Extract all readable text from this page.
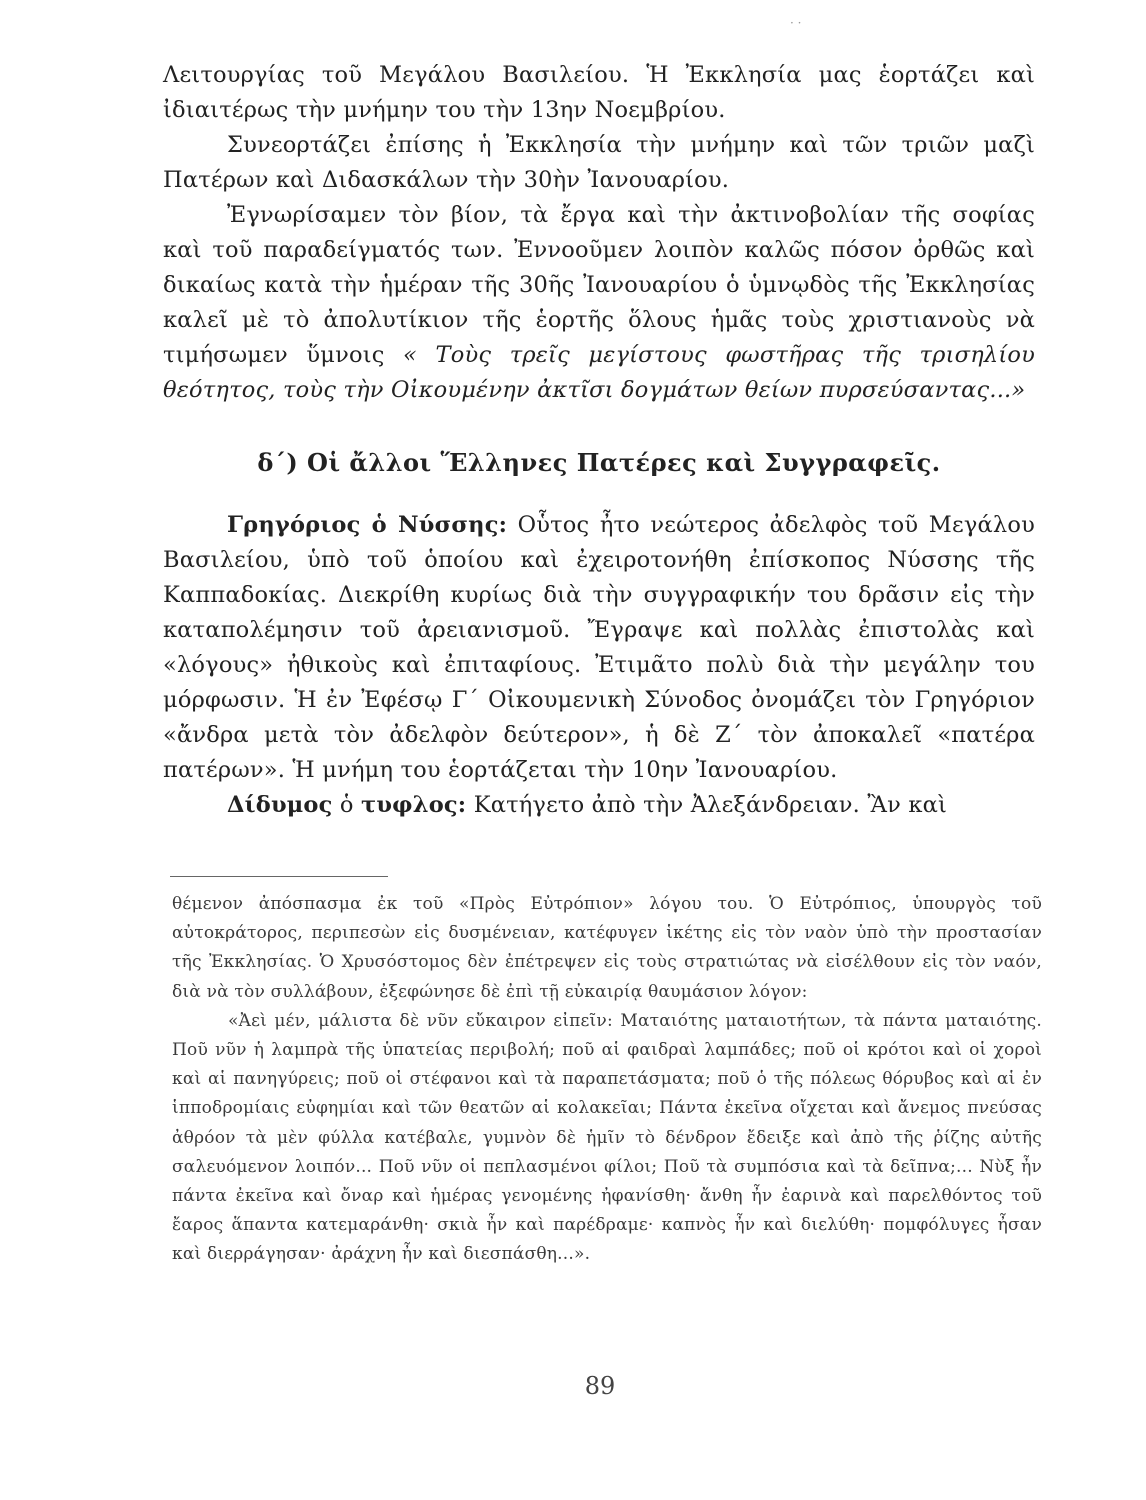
· ·

Λειτουργίας τοῦ Μεγάλου Βασιλείου. Ἡ Ἐκκλησία μας ἑορτάζει καὶ ἰδιαιτέρως τὴν μνήμην του τὴν 13ην Νοεμβρίου.

Συνεορτάζει ἐπίσης ἡ Ἐκκλησία τὴν μνήμην καὶ τῶν τριῶν μαζὶ Πατέρων καὶ Διδασκάλων τὴν 30ὴν Ἰανουαρίου.

Ἐγνωρίσαμεν τὸν βίον, τὰ ἔργα καὶ τὴν ἀκτινοβολίαν τῆς σοφίας καὶ τοῦ παραδείγματός των. Ἐννοοῦμεν λοιπὸν καλῶς πόσον ὀρθῶς καὶ δικαίως κατὰ τὴν ἡμέραν τῆς 30ῆς Ἰανουαρίου ὁ ὑμνῳδὸς τῆς Ἐκκλησίας καλεῖ μὲ τὸ ἀπολυτίκιον τῆς ἑορτῆς ὅλους ἡμᾶς τοὺς χριστιανοὺς νὰ τιμήσωμεν ὕμνοις « Τοὺς τρεῖς μεγίστους φωστῆρας τῆς τρισηλίου θεότητος, τοὺς τὴν Οἰκουμένην ἀκτῖσι δογμάτων θείων πυρσεύσαντας...»

δ΄) Οἱ ἄλλοι Ἕλληνες Πατέρες καὶ Συγγραφεῖς.

Γρηγόριος ὁ Νύσσης: Οὗτος ἦτο νεώτερος ἀδελφὸς τοῦ Μεγάλου Βασιλείου, ὑπὸ τοῦ ὁποίου καὶ ἐχειροτονήθη ἐπίσκοπος Νύσσης τῆς Καππαδοκίας. Διεκρίθη κυρίως διὰ τὴν συγγραφικήν του δρᾶσιν εἰς τὴν καταπολέμησιν τοῦ ἀρειανισμοῦ. Ἔγραψε καὶ πολλὰς ἐπιστολὰς καὶ «λόγους» ἠθικοὺς καὶ ἐπιταφίους. Ἐτιμᾶτο πολὺ διὰ τὴν μεγάλην του μόρφωσιν. Ἡ ἐν Ἐφέσῳ Γ΄ Οἰκουμενικὴ Σύνοδος ὀνομάζει τὸν Γρηγόριον «ἄνδρα μετὰ τὸν ἀδελφὸν δεύτερον», ἡ δὲ Ζ΄ τὸν ἀποκαλεῖ «πατέρα πατέρων». Ἡ μνήμη του ἑορτάζεται τὴν 10ην Ἰανουαρίου.

Δίδυμος ὁ τυφλος: Κατήγετο ἀπὸ τὴν Ἀλεξάνδρειαν. Ἂν καὶ

θέμενον ἀπόσπασμα ἐκ τοῦ «Πρὸς Εὐτρόπιον» λόγου του. Ὁ Εὐτρόπιος, ὑπουργὸς τοῦ αὐτοκράτορος, περιπεσὼν εἰς δυσμένειαν, κατέφυγεν ἱκέτης εἰς τὸν ναὸν ὑπὸ τὴν προστασίαν τῆς Ἐκκλησίας. Ὁ Χρυσόστομος δὲν ἐπέτρεψεν εἰς τοὺς στρατιώτας νὰ εἰσέλθουν εἰς τὸν ναόν, διὰ νὰ τὸν συλλάβουν, ἐξεφώνησε δὲ ἐπὶ τῇ εὐκαιρίᾳ θαυμάσιον λόγον:

«Ἀεὶ μέν, μάλιστα δὲ νῦν εὔκαιρον εἰπεῖν: Ματαιότης ματαιοτήτων, τὰ πάντα ματαιότης. Ποῦ νῦν ἡ λαμπρὰ τῆς ὑπατείας περιβολή; ποῦ αἱ φαιδραὶ λαμπάδες; ποῦ οἱ κρότοι καὶ οἱ χοροὶ καὶ αἱ πανηγύρεις; ποῦ οἱ στέφανοι καὶ τὰ παραπετάσματα; ποῦ ὁ τῆς πόλεως θόρυβος καὶ αἱ ἐν ἱπποδρομίαις εὐφημίαι καὶ τῶν θεατῶν αἱ κολακεῖαι; Πάντα ἐκεῖνα οἴχεται καὶ ἄνεμος πνεύσας ἀθρόον τὰ μὲν φύλλα κατέβαλε, γυμνὸν δὲ ἡμῖν τὸ δένδρον ἔδειξε καὶ ἀπὸ τῆς ῥίζης αὐτῆς σαλευόμενον λοιπόν... Ποῦ νῦν οἱ πεπλασμένοι φίλοι; Ποῦ τὰ συμπόσια καὶ τὰ δεῖπνα;... Νὺξ ἦν πάντα ἐκεῖνα καὶ ὄναρ καὶ ἡμέρας γενομένης ἠφανίσθη· ἄνθη ἦν ἐαρινὰ καὶ παρελθόντος τοῦ ἔαρος ἅπαντα κατεμαράνθη· σκιὰ ἦν καὶ παρέδραμε· καπνὸς ἦν καὶ διελύθη· πομφόλυγες ἦσαν καὶ διερράγησαν· ἀράχνη ἦν καὶ διεσπάσθη...».

89
